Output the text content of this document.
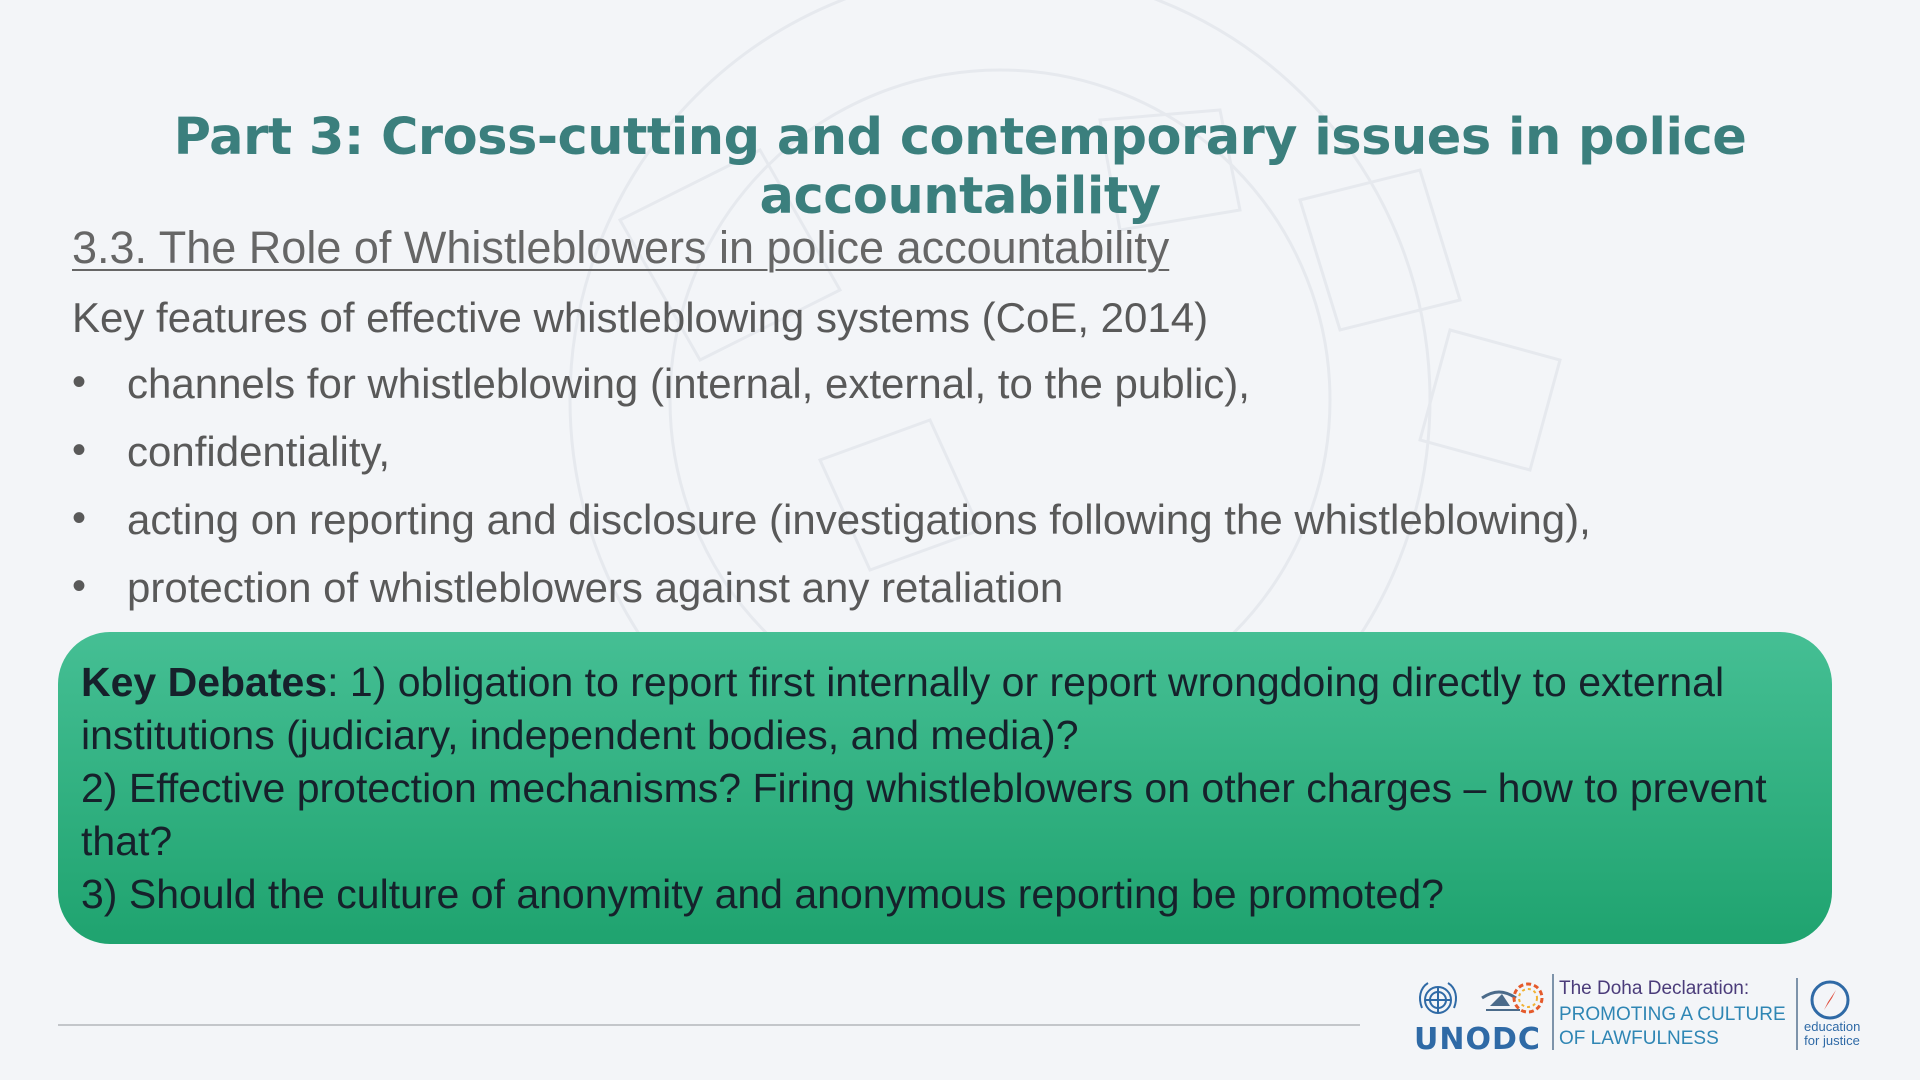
Part 3: Cross-cutting and contemporary issues in police accountability
3.3. The Role of Whistleblowers in police accountability
Key features of effective whistleblowing systems (CoE, 2014)
• channels for whistleblowing (internal, external, to the public),
• confidentiality,
• acting on reporting and disclosure (investigations following the whistleblowing),
• protection of whistleblowers against any retaliation

Key Debates: 1) obligation to report first internally or report wrongdoing directly to external institutions (judiciary, independent bodies, and media)?

2) Effective protection mechanisms? Firing whistleblowers on other charges – how to prevent that?

3) Should the culture of anonymity and anonymous reporting be promoted?

UNODC
The Doha Declaration:
PROMOTING A CULTURE
OF LAWFULNESS
education
for justice
